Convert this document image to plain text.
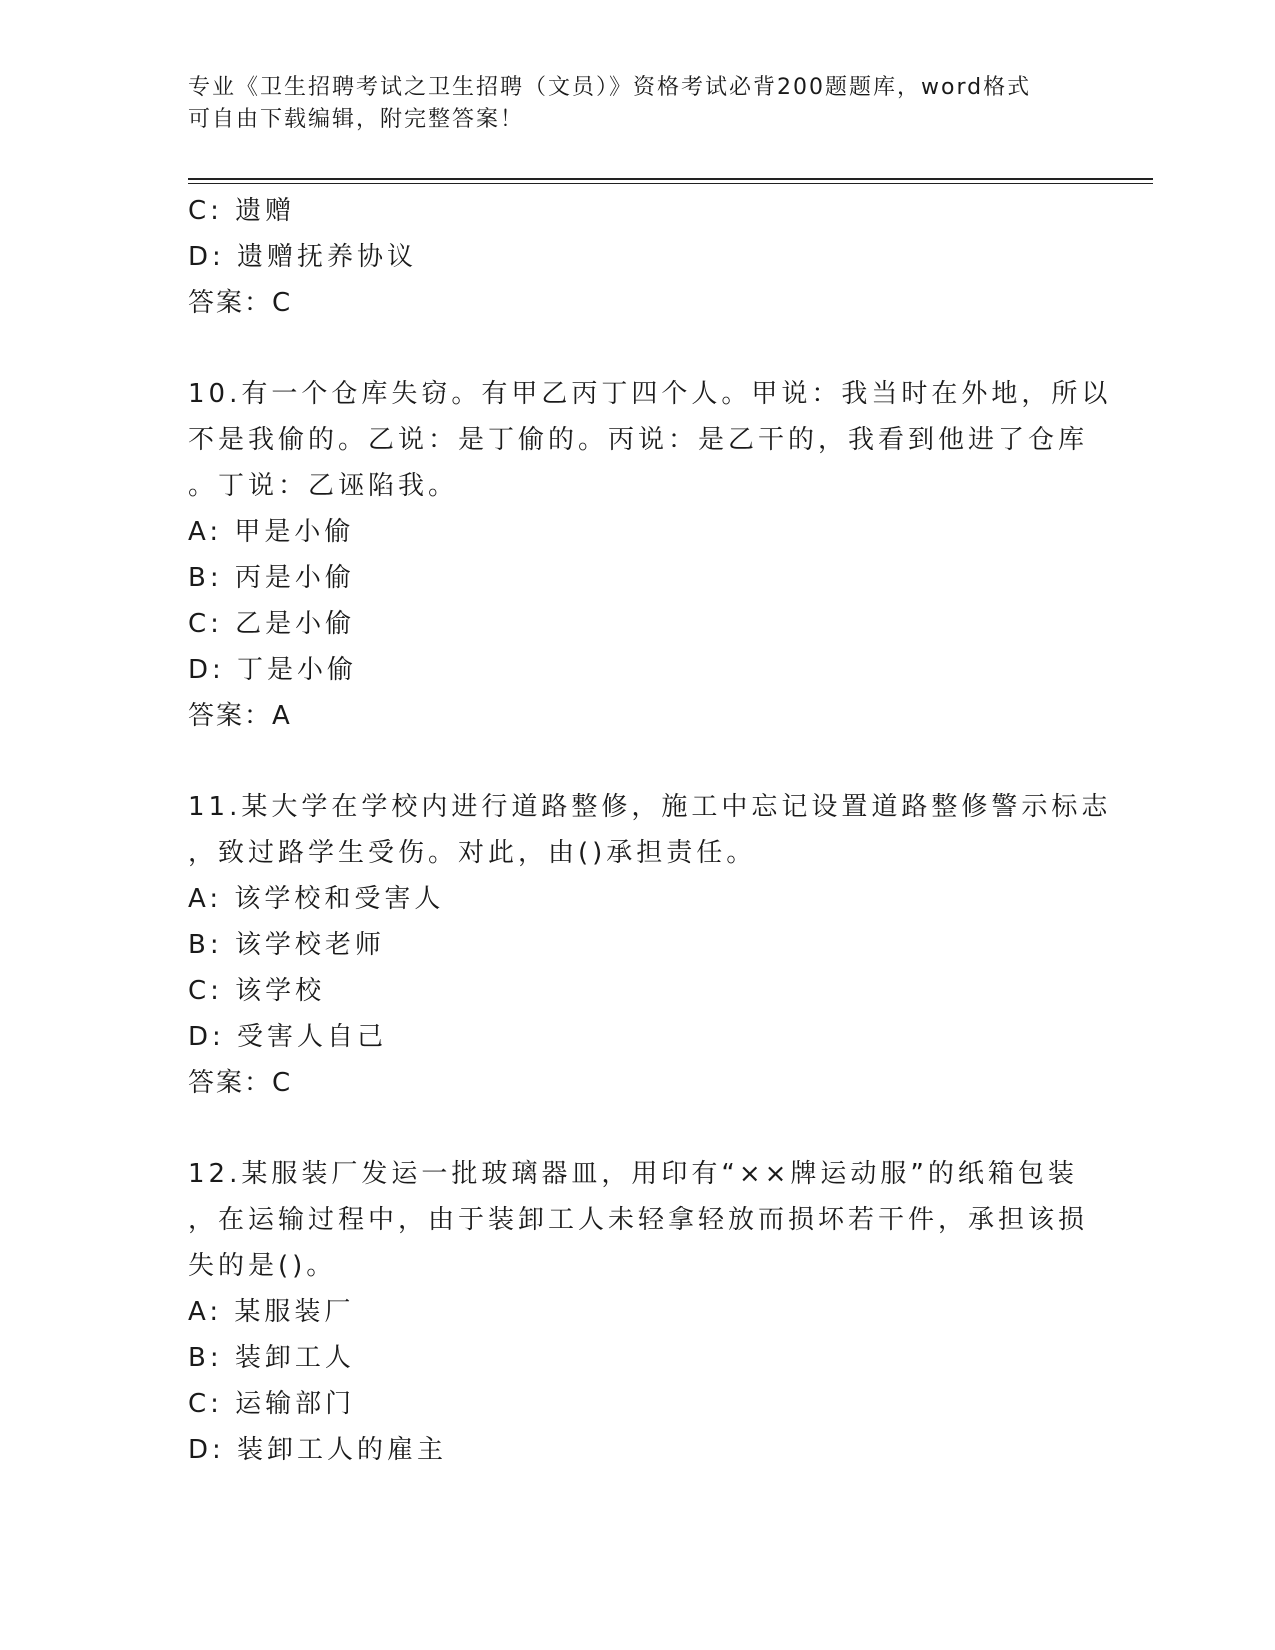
专业《卫生招聘考试之卫生招聘（文员）》资格考试必背200题题库，word格式
可自由下载编辑，附完整答案！
C: 遗赠
D: 遗赠抚养协议
答案：C
10.有一个仓库失窃。有甲乙丙丁四个人。甲说：我当时在外地，所以
不是我偷的。乙说：是丁偷的。丙说：是乙干的，我看到他进了仓库
。丁说：乙诬陷我。
A: 甲是小偷
B: 丙是小偷
C: 乙是小偷
D: 丁是小偷
答案：A
11.某大学在学校内进行道路整修，施工中忘记设置道路整修警示标志
，致过路学生受伤。对此，由()承担责任。
A: 该学校和受害人
B: 该学校老师
C: 该学校
D: 受害人自己
答案：C
12.某服装厂发运一批玻璃器皿，用印有“××牌运动服”的纸箱包装
，在运输过程中，由于装卸工人未轻拿轻放而损坏若干件，承担该损
失的是()。
A: 某服装厂
B: 装卸工人
C: 运输部门
D: 装卸工人的雇主
